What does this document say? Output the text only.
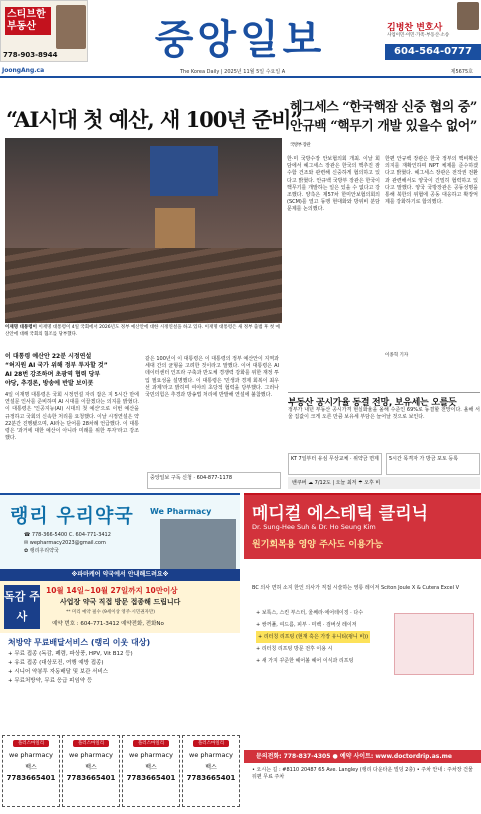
스티브한 부동산
778-903-8944	중앙일보	김병찬 변호사
사업이민·이민·가족·부동산·소송
604-564-0777
JoongAng.ca	The Korea Daily | 2025년 11월 5일 수요일 A	제5675호
“AI시대 첫 예산, 새 100년 준비”
이재명 대통령이 이재명 대통령이 4일 국회에서 2026년도 정부 예산안에 대한 시정연설을 하고 있다. 이재명 대통령은 새 정부 출범 후 첫 예산안에 대해 국회의 협조를 당부했다.
이 대통령 예산안 22분 시정연설
“허지원 AI 국가 위해 정부 투자할 것”
AI 28번 강조하며 초광역 협력 당부
야당, 추경론, 방송에 반발 보이콧
4일 이재명 대통령은 국회 시정연설 자리 잡은 지 5시간 만에 연설문 인사를 준비하며 AI 시대를 이끌겠다는 의지를 밝혔다. 이 대통령은 '인공지능(AI) 시대의 첫 예산'으로 이번 예산을 규정하고 국회의 신속한 처리를 요청했다. 이날 시정연설은 약 22분간 진행됐으며, AI라는 단어를 28차례 언급했다. 이 대통령은 '과거에 대한 예산이 아니라 미래를 위한 투자'라고 강조했다.
같은 100년이 이 대통령은 이 대통령의 정부 예산안이 지역과 세대 간의 균형을 고려한 것이라고 말했다. 이어 대통령은 AI 데이터센터 인프라 구축과 반도체 경쟁력 강화를 위한 재정 투입 필요성을 설명했다. 이 대통령은 '민생과 경제 회복이 최우선 과제'라고 밝히며 여야의 초당적 협력을 당부했다. 그러나 국민의힘은 추경과 방송법 처리에 반발해 연설에 불참했다.
헤그세스 “한국핵잠 신중 협의 중” 안규백 “핵무기 개발 있을수 없어” $^{국방부 장관}$
한·미 국방수장 안보협의회 개최. 이날 회담에서 헤그세스 장관은 한국의 핵추진 잠수함 건조와 관련해 신중하게 협의하고 있다고 밝혔다. 안규백 국방부 장관은 한국이 핵무기를 개발하는 일은 있을 수 없다고 강조했다. 양측은 제57차 한미안보협의회의(SCM)를 열고 동맹 현대화와 방위비 분담 문제를 논의했다.
한편 안규백 장관은 한국 정부의 핵비확산 의지를 재확인하며 NPT 체제를 준수하겠다고 밝혔다. 헤그세스 장관은 전작권 전환과 관련해서도 양국이 긴밀히 협력하고 있다고 말했다. 양국 국방장관은 공동성명을 통해 북한의 위협에 공동 대응하고 확장억제를 강화하기로 합의했다.
이종혁 기자
부동산 공시가율 동결 전망, 보유세는 오를듯
정부가 내년 부동산 공시가격 현실화율을 올해 수준인 69%로 동결할 전망이다. 올해 서울 집값이 크게 오른 만큼 보유세 부담은 늘어날 것으로 보인다.
KT 7일부터 유심 무상교체 · 위약금 면제	5시간 목격자 가 방금 포토 등록
밴쿠버 ☁ 7/12도 | 오늘 최저 ☂ 오후 비
중앙일보 구독 신청 · 604-877-1178
랭리 우리약국 We Pharmacy
☎ 778-366-5400 C. 604-771-3412
✉ wepharmacy2023@gmail.com
✿ 랭리우리약국
※파마케어 약국에서 안내해드려요※
독감 주사
10월 14일~10월 27일까지 10만이상
사업장 약국 직접 방문 접종해 드립니다
** 미리 예약 필수 (9세이상 영주·시민권자만)
예약 번호 : 604-771-3412 예약전화, 전화No
처방약 무료배달서비스 (랭리 이웃 대상)
+ 무료 접종 (독감, 폐렴, 파상풍, HPV, Vit B12 등)
+ 유료 접종 (대상포진, 여행 예방 접종)
+ 시니어 약봉투 자동배달 및 보관 서비스
+ 무료처방약, 무료 응급 피임약 등
플러스마일리
we pharmacy
백스
7783665401
플러스마일리
we pharmacy
백스
7783665401
플러스마일리
we pharmacy
백스
7783665401
플러스마일리
we pharmacy
백스
7783665401
메디컬 에스테틱 클리닉
Dr. Sung-Hee Suh & Dr. Ho Seung Kim
원기회복용 영양 주사도 이용가능
BC 의사 면허 소지 한인 의사가 직접 시술하는 영롱 레이저 Sciton Joule X & Cutera Excel V
+ 보톡스, 스킨 부스터, 울쎄라·에어테이징 · 다수
+ 쌍꺼풀, 여드름, 피부 · 미백 · 검버섯 레이저
+ 리터칭 리프팅 (현재 혹은 가장 유니티(펑니 비))
+ 리터칭 리프팅 방문 전후 이용 시
+ 새 가지 꾸준한 헤어볼 헤어 이식과 리프팅
문의전화: 778-837-4305 ● 예약 사이트: www.doctordrip.as.me
• 오시는 길 : #8110 20487 65 Ave. Langley (랭리 다운타운 빌딩 2층) • 주차 안내 : 주차장 건물 뒤편 무료 주차
